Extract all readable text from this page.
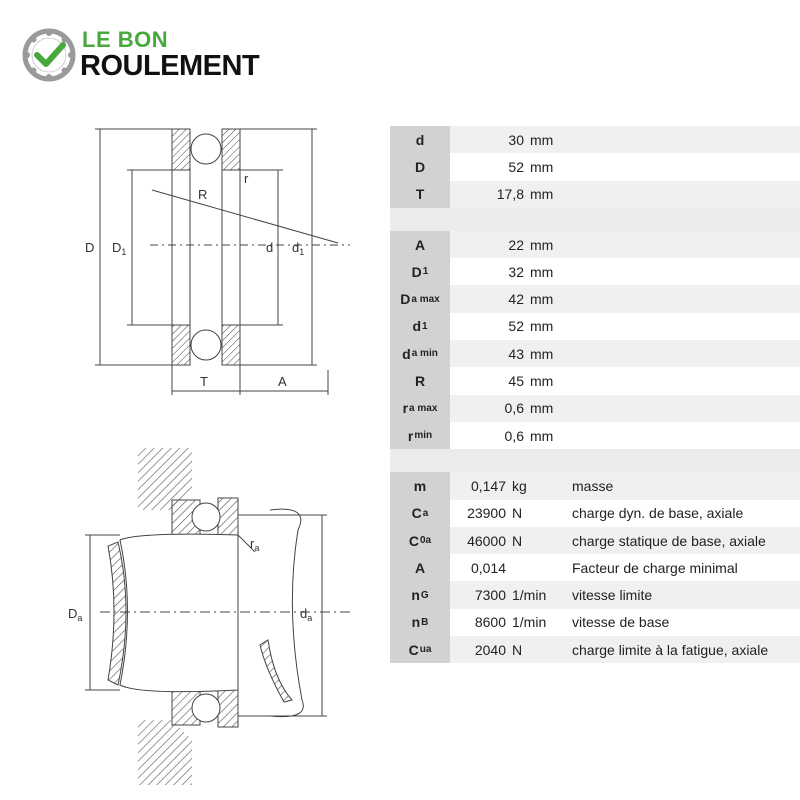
LE BON
ROULEMENT
D $D_1$
R
r
d $d_1$
T	A
$D_a$
$r_a$
$d_a$
d	30 mm
D	52 mm
T	17,8 mm
A	22 mm
D 1	32 mm
D a max	42 mm
d 1	52 mm
d a min	43 mm
R	45 mm
r a max	0,6 mm
r min	0,6 mm
m	0,147 kg	masse
C a	23900 N	charge dyn. de base, axiale
C 0a	46000 N	charge statique de base, axiale
A	0,014	Facteur de charge minimal
n G	7300 1/min	vitesse limite
n B	8600 1/min	vitesse de base
C ua	2040 N	charge limite à la fatigue, axiale
